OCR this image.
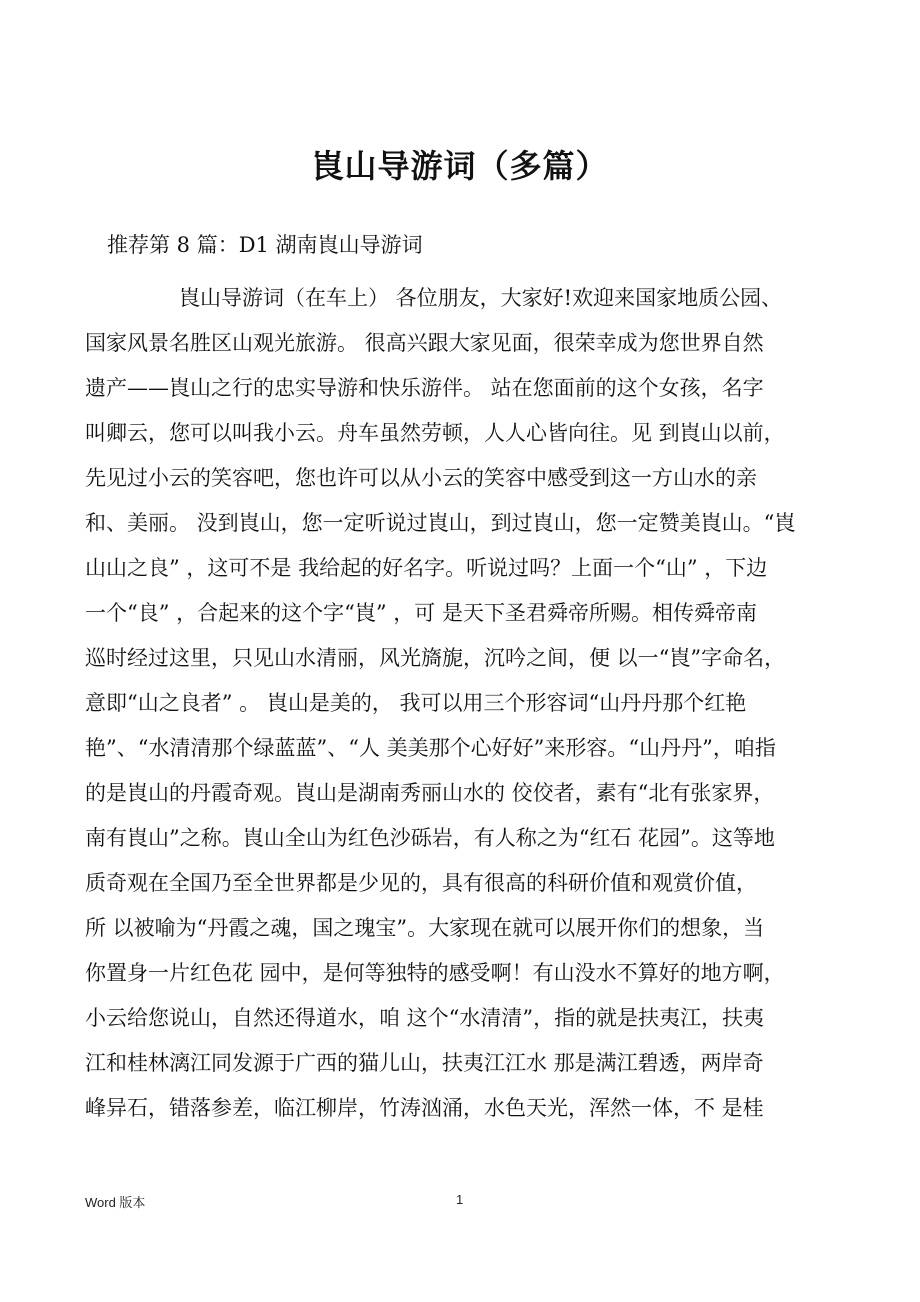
崀山导游词（多篇）
推荐第 8 篇：D1 湖南崀山导游词
崀山导游词（在车上） 各位朋友，大家好!欢迎来国家地质公园、
国家风景名胜区山观光旅游。 很高兴跟大家见面，很荣幸成为您世界自然
遗产——崀山之行的忠实导游和快乐游伴。 站在您面前的这个女孩，名字
叫卿云，您可以叫我小云。舟车虽然劳顿，人人心皆向往。见 到崀山以前，
先见过小云的笑容吧，您也许可以从小云的笑容中感受到这一方山水的亲
和、美丽。 没到崀山，您一定听说过崀山，到过崀山，您一定赞美崀山。“崀
山山之良” ，这可不是 我给起的好名字。听说过吗？上面一个“山” ，下边
一个“良” ，合起来的这个字“崀” ，可 是天下圣君舜帝所赐。相传舜帝南
巡时经过这里，只见山水清丽，风光旖旎，沉吟之间，便 以一“崀”字命名，
意即“山之良者” 。 崀山是美的， 我可以用三个形容词“山丹丹那个红艳
艳”、“水清清那个绿蓝蓝”、“人 美美那个心好好”来形容。“山丹丹”，咱指
的是崀山的丹霞奇观。崀山是湖南秀丽山水的 佼佼者，素有“北有张家界，
南有崀山”之称。崀山全山为红色沙砾岩，有人称之为“红石 花园”。这等地
质奇观在全国乃至全世界都是少见的，具有很高的科研价值和观赏价值，
所 以被喻为“丹霞之魂，国之瑰宝”。大家现在就可以展开你们的想象，当
你置身一片红色花 园中，是何等独特的感受啊！有山没水不算好的地方啊，
小云给您说山，自然还得道水，咱 这个“水清清”，指的就是扶夷江，扶夷
江和桂林漓江同发源于广西的猫儿山，扶夷江江水 那是满江碧透，两岸奇
峰异石，错落参差，临江柳岸，竹涛汹涌，水色天光，浑然一体，不 是桂
Word 版本	1
